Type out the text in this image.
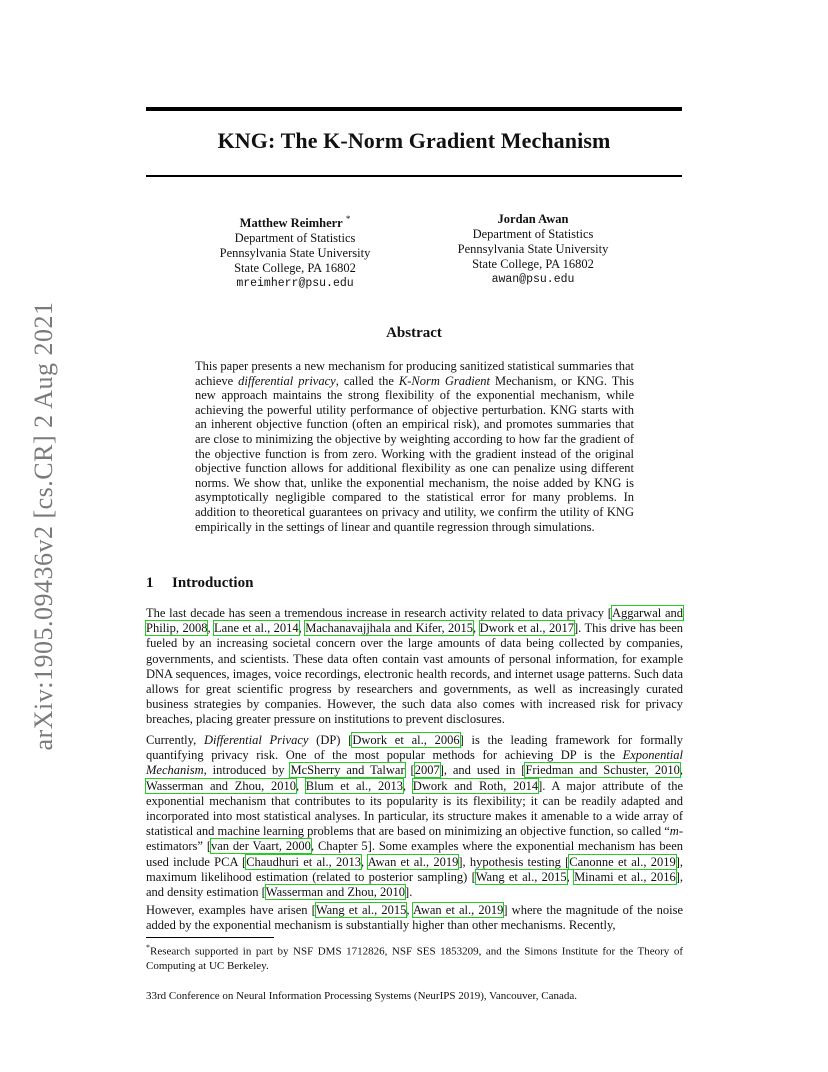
arXiv:1905.09436v2 [cs.CR] 2 Aug 2021
KNG: The K-Norm Gradient Mechanism
Matthew Reimherr *
Department of Statistics
Pennsylvania State University
State College, PA 16802
mreimherr@psu.edu
Jordan Awan
Department of Statistics
Pennsylvania State University
State College, PA 16802
awan@psu.edu
Abstract

This paper presents a new mechanism for producing sanitized statistical summaries that achieve differential privacy, called the K-Norm Gradient Mechanism, or KNG. This new approach maintains the strong flexibility of the exponential mechanism, while achieving the powerful utility performance of objective perturbation. KNG starts with an inherent objective function (often an empirical risk), and promotes summaries that are close to minimizing the objective by weighting according to how far the gradient of the objective function is from zero. Working with the gradient instead of the original objective function allows for additional flexibility as one can penalize using different norms. We show that, unlike the exponential mechanism, the noise added by KNG is asymptotically negligible compared to the statistical error for many problems. In addition to theoretical guarantees on privacy and utility, we confirm the utility of KNG empirically in the settings of linear and quantile regression through simulations.

1 Introduction

The last decade has seen a tremendous increase in research activity related to data privacy [Aggarwal and Philip, 2008, Lane et al., 2014, Machanavajjhala and Kifer, 2015, Dwork et al., 2017]. This drive has been fueled by an increasing societal concern over the large amounts of data being collected by companies, governments, and scientists. These data often contain vast amounts of personal information, for example DNA sequences, images, voice recordings, electronic health records, and internet usage patterns. Such data allows for great scientific progress by researchers and governments, as well as increasingly curated business strategies by companies. However, the such data also comes with increased risk for privacy breaches, placing greater pressure on institutions to prevent disclosures.

Currently, Differential Privacy (DP) [Dwork et al., 2006] is the leading framework for formally quantifying privacy risk. One of the most popular methods for achieving DP is the Exponential Mechanism, introduced by McSherry and Talwar [2007], and used in [Friedman and Schuster, 2010, Wasserman and Zhou, 2010, Blum et al., 2013, Dwork and Roth, 2014]. A major attribute of the exponential mechanism that contributes to its popularity is its flexibility; it can be readily adapted and incorporated into most statistical analyses. In particular, its structure makes it amenable to a wide array of statistical and machine learning problems that are based on minimizing an objective function, so called “m-estimators” [van der Vaart, 2000, Chapter 5]. Some examples where the exponential mechanism has been used include PCA [Chaudhuri et al., 2013, Awan et al., 2019], hypothesis testing [Canonne et al., 2019], maximum likelihood estimation (related to posterior sampling) [Wang et al., 2015, Minami et al., 2016], and density estimation [Wasserman and Zhou, 2010].

However, examples have arisen [Wang et al., 2015, Awan et al., 2019] where the magnitude of the noise added by the exponential mechanism is substantially higher than other mechanisms. Recently,

*Research supported in part by NSF DMS 1712826, NSF SES 1853209, and the Simons Institute for the Theory of Computing at UC Berkeley.

33rd Conference on Neural Information Processing Systems (NeurIPS 2019), Vancouver, Canada.
